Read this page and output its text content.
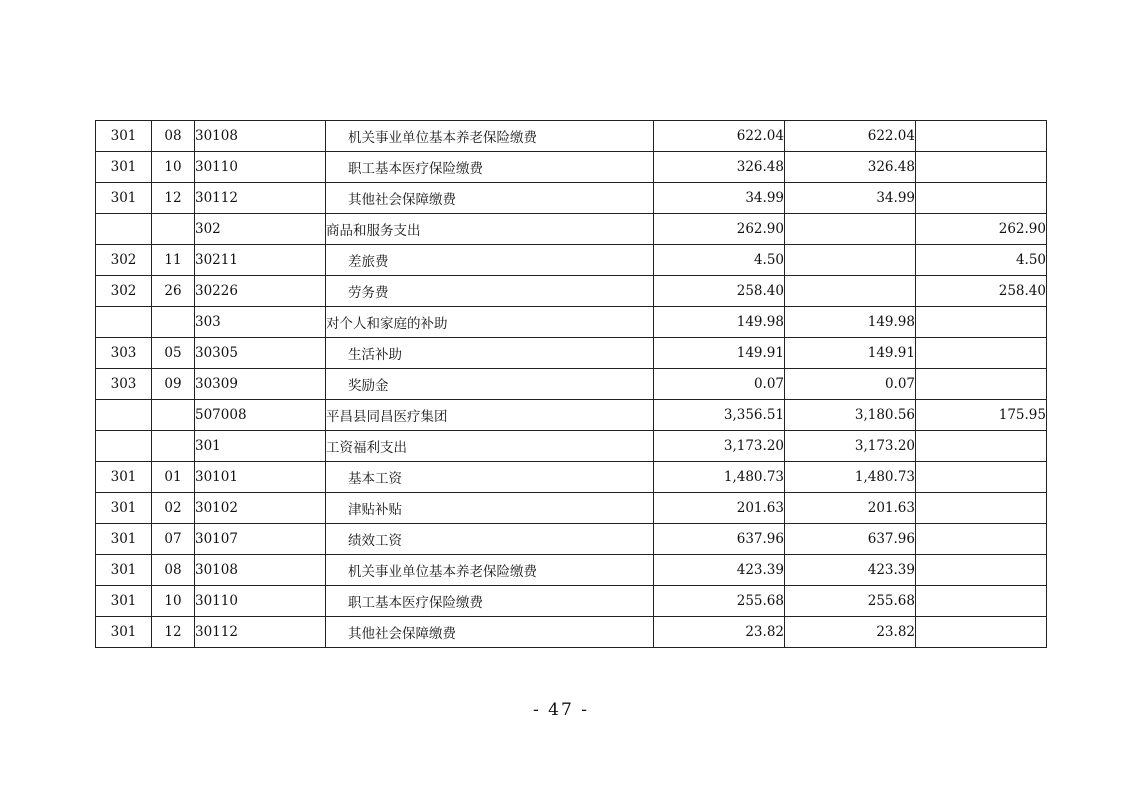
301	08	30108	机关事业单位基本养老保险缴费	622.04	622.04	
301	10	30110	职工基本医疗保险缴费	326.48	326.48	
301	12	30112	其他社会保障缴费	34.99	34.99	
		302	商品和服务支出	262.90		262.90
302	11	30211	差旅费	4.50		4.50
302	26	30226	劳务费	258.40		258.40
		303	对个人和家庭的补助	149.98	149.98	
303	05	30305	生活补助	149.91	149.91	
303	09	30309	奖励金	0.07	0.07	
		507008	平昌县同昌医疗集团	3,356.51	3,180.56	175.95
		301	工资福利支出	3,173.20	3,173.20	
301	01	30101	基本工资	1,480.73	1,480.73	
301	02	30102	津贴补贴	201.63	201.63	
301	07	30107	绩效工资	637.96	637.96	
301	08	30108	机关事业单位基本养老保险缴费	423.39	423.39	
301	10	30110	职工基本医疗保险缴费	255.68	255.68	
301	12	30112	其他社会保障缴费	23.82	23.82	
- 47 -
